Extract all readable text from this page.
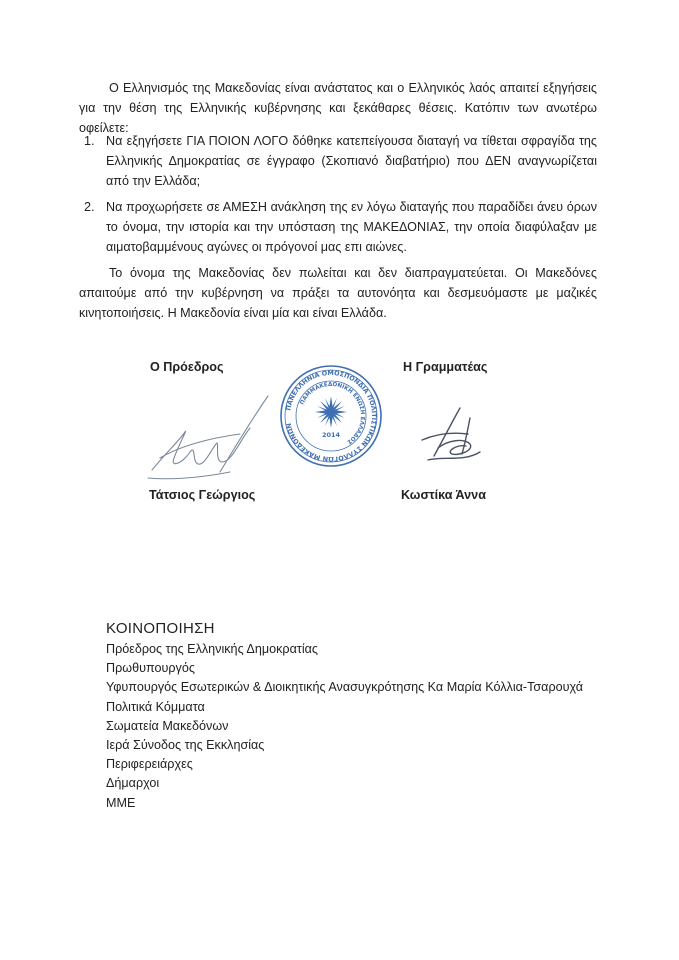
Ο Ελληνισμός της Μακεδονίας είναι ανάστατος και ο Ελληνικός λαός απαιτεί εξηγήσεις για την θέση της Ελληνικής κυβέρνησης και ξεκάθαρες θέσεις. Κατόπιν των ανωτέρω οφείλετε:

1. Να εξηγήσετε ΓΙΑ ΠΟΙΟΝ ΛΟΓΟ δόθηκε κατεπείγουσα διαταγή να τίθεται σφραγίδα της Ελληνικής Δημοκρατίας σε έγγραφο (Σκοπιανό διαβατήριο) που ΔΕΝ αναγνωρίζεται από την Ελλάδα;
2. Να προχωρήσετε σε ΑΜΕΣΗ ανάκληση της εν λόγω διαταγής που παραδίδει άνευ όρων το όνομα, την ιστορία και την υπόσταση της ΜΑΚΕΔΟΝΙΑΣ, την οποία διαφύλαξαν με αιματοβαμμένους αγώνες οι πρόγονοί μας επι αιώνες.

Το όνομα της Μακεδονίας δεν πωλείται και δεν διαπραγματεύεται. Οι Μακεδόνες απαιτούμε από την κυβέρνηση να πράξει τα αυτονόητα και δεσμευόμαστε με μαζικές κινητοποιήσεις. Η Μακεδονία είναι μία και είναι Ελλάδα.

Ο Πρόεδρος	Η Γραμματέας
ΠΑΝΕΛΛΗΝΙΑ ΟΜΟΣΠΟΝΔΙΑ ΠΟΛΙΤΙΣΤΙΚΩΝ ΣΥΛΛΟΓΩΝ ΜΑΚΕΔΟΝΩΝ
ΠΑΜΜΑΚΕΔΟΝΙΚΗ ΕΝΩΣΗ ΕΛΛΑΔΟΣ
2014
Τάτσιος Γεώργιος	Κωστίκα Άννα
ΚΟΙΝΟΠΟΙΗΣΗ
Πρόεδρος της Ελληνικής Δημοκρατίας
Πρωθυπουργός
Υφυπουργός Εσωτερικών & Διοικητικής Ανασυγκρότησης Κα Μαρία Κόλλια-Τσαρουχά
Πολιτικά Κόμματα
Σωματεία Μακεδόνων
Ιερά Σύνοδος της Εκκλησίας
Περιφερειάρχες
Δήμαρχοι
ΜΜΕ
